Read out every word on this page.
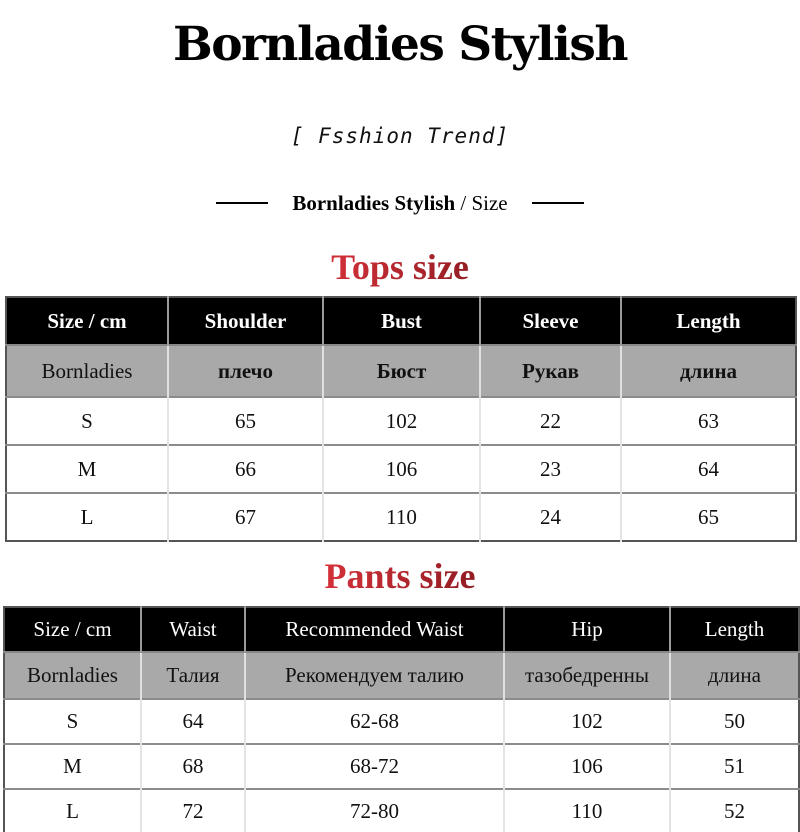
Bornladies Stylish
[ Fsshion Trend]
Bornladies Stylish / Size
Tops size
Size / cm	Shoulder	Bust	Sleeve	Length
Bornladies	плечо	Бюст	Рукав	длина
S	65	102	22	63
M	66	106	23	64
L	67	110	24	65
Pants size
Size / cm	Waist	Recommended Waist	Hip	Length
Bornladies	Талия	Рекомендуем талию	тазобедренны	длина
S	64	62-68	102	50
M	68	68-72	106	51
L	72	72-80	110	52
